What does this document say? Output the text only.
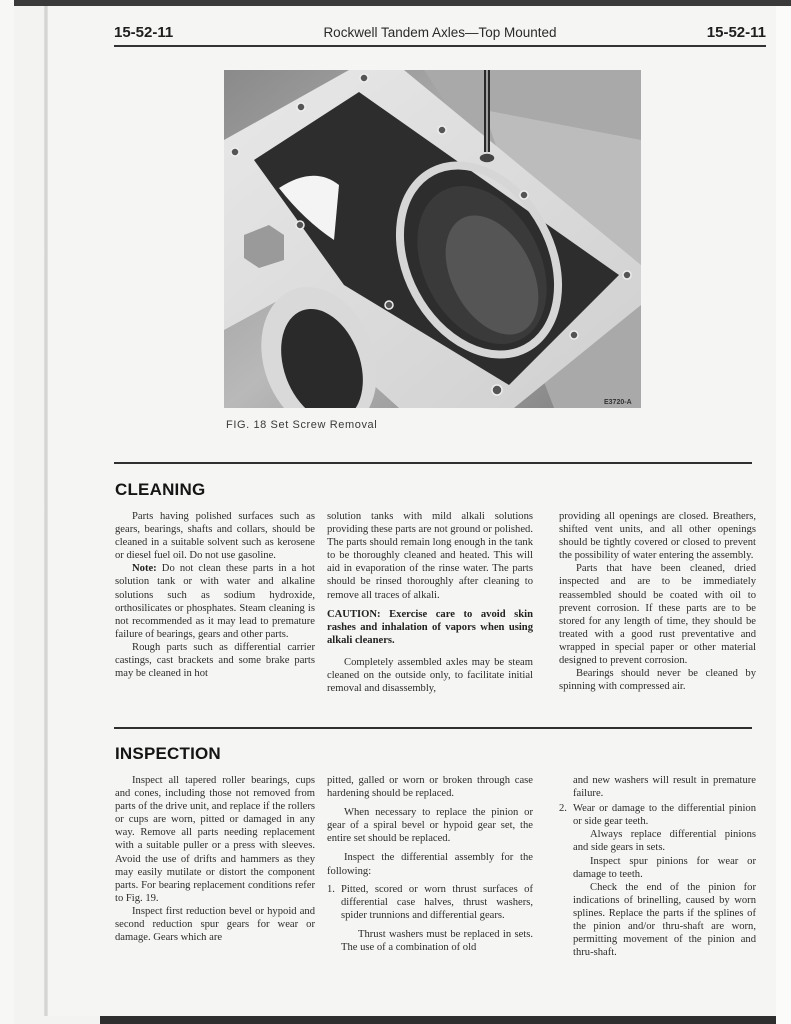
15-52-11	Rockwell Tandem Axles—Top Mounted	15-52-11
E3720-A
FIG. 18 Set Screw Removal
CLEANING

Parts having polished surfaces such as gears, bearings, shafts and collars, should be cleaned in a suitable solvent such as kerosene or diesel fuel oil. Do not use gasoline.

Note: Do not clean these parts in a hot solution tank or with water and alkaline solutions such as sodium hydroxide, orthosilicates or phosphates. Steam cleaning is not recommended as it may lead to premature failure of bearings, gears and other parts.

Rough parts such as differential carrier castings, cast brackets and some brake parts may be cleaned in hot

solution tanks with mild alkali solutions providing these parts are not ground or polished. The parts should remain long enough in the tank to be thoroughly cleaned and heated. This will aid in evaporation of the rinse water. The parts should be rinsed thoroughly after cleaning to remove all traces of alkali.

CAUTION: Exercise care to avoid skin rashes and inhalation of vapors when using alkali cleaners.

Completely assembled axles may be steam cleaned on the outside only, to facilitate initial removal and disassembly,

providing all openings are closed. Breathers, shifted vent units, and all other openings should be tightly covered or closed to prevent the possibility of water entering the assembly.

Parts that have been cleaned, dried inspected and are to be immediately reassembled should be coated with oil to prevent corrosion. If these parts are to be stored for any length of time, they should be treated with a good rust preventative and wrapped in special paper or other material designed to prevent corrosion.

Bearings should never be cleaned by spinning with compressed air.

INSPECTION

Inspect all tapered roller bearings, cups and cones, including those not removed from parts of the drive unit, and replace if the rollers or cups are worn, pitted or damaged in any way. Remove all parts needing replacement with a suitable puller or a press with sleeves. Avoid the use of drifts and hammers as they may easily mutilate or distort the component parts. For bearing replacement conditions refer to Fig. 19.

Inspect first reduction bevel or hypoid and second reduction spur gears for wear or damage. Gears which are

pitted, galled or worn or broken through case hardening should be replaced.

When necessary to replace the pinion or gear of a spiral bevel or hypoid gear set, the entire set should be replaced.

Inspect the differential assembly for the following:

1. Pitted, scored or worn thrust surfaces of differential case halves, thrust washers, spider trunnions and differential gears.

Thrust washers must be replaced in sets. The use of a combination of old

and new washers will result in premature failure.

2. Wear or damage to the differential pinion or side gear teeth.

Always replace differential pinions and side gears in sets.

Inspect spur pinions for wear or damage to teeth.

Check the end of the pinion for indications of brinelling, caused by worn splines. Replace the parts if the splines of the pinion and/or thru-shaft are worn, permitting movement of the pinion and thru-shaft.
